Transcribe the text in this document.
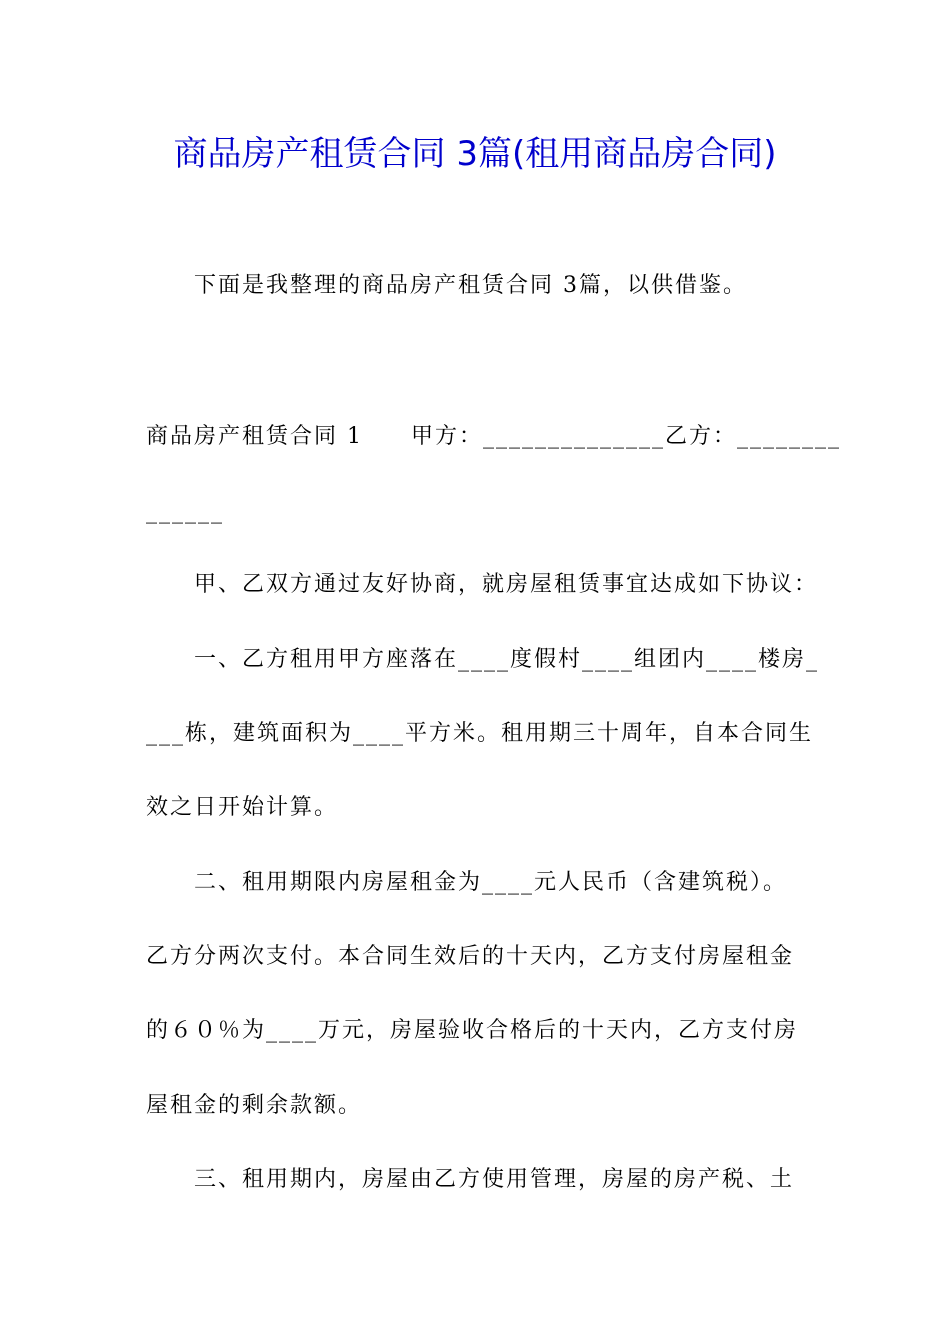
商品房产租赁合同 3篇(租用商品房合同)
下面是我整理的商品房产租赁合同 3篇，以供借鉴。
商品房产租赁合同 1　　甲方：______________乙方：________
______
甲、乙双方通过友好协商，就房屋租赁事宜达成如下协议：
一、乙方租用甲方座落在____度假村____组团内____楼房_
___栋，建筑面积为____平方米。租用期三十周年，自本合同生
效之日开始计算。
二、租用期限内房屋租金为____元人民币（含建筑税）。
乙方分两次支付。本合同生效后的十天内，乙方支付房屋租金
的６０％为____万元，房屋验收合格后的十天内，乙方支付房
屋租金的剩余款额。
三、租用期内，房屋由乙方使用管理，房屋的房产税、土
